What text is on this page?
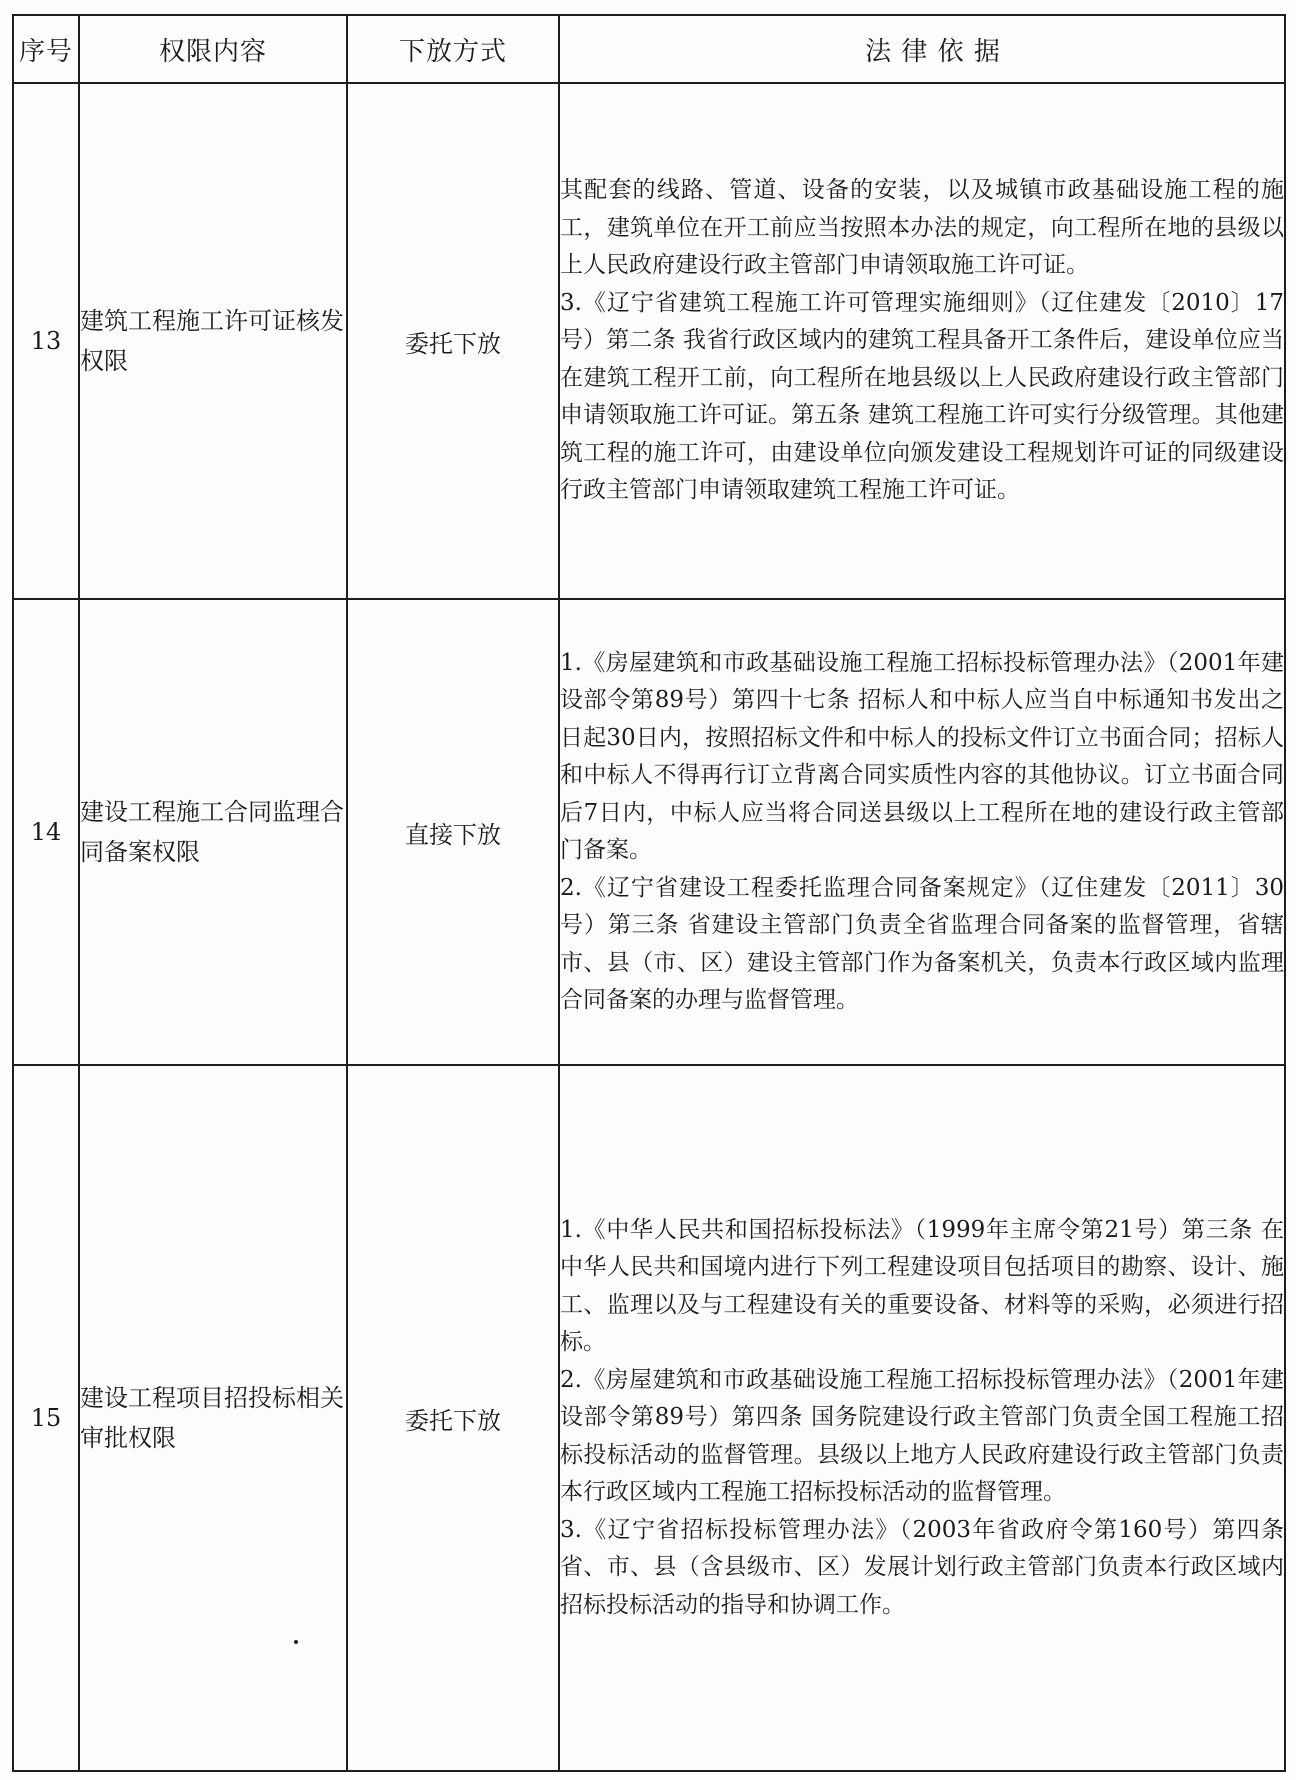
序号	权限内容	下放方式	法 律 依 据
13	建筑工程施工许可证核发权限	委托下放	其配套的线路、管道、设备的安装，以及城镇市政基础设施工程的施工，建筑单位在开工前应当按照本办法的规定，向工程所在地的县级以上人民政府建设行政主管部门申请领取施工许可证。
3.《辽宁省建筑工程施工许可管理实施细则》（辽住建发〔2010〕17号）第二条 我省行政区域内的建筑工程具备开工条件后，建设单位应当在建筑工程开工前，向工程所在地县级以上人民政府建设行政主管部门申请领取施工许可证。第五条 建筑工程施工许可实行分级管理。其他建筑工程的施工许可，由建设单位向颁发建设工程规划许可证的同级建设行政主管部门申请领取建筑工程施工许可证。

14	建设工程施工合同监理合同备案权限	直接下放	1.《房屋建筑和市政基础设施工程施工招标投标管理办法》（2001年建设部令第89号）第四十七条 招标人和中标人应当自中标通知书发出之日起30日内，按照招标文件和中标人的投标文件订立书面合同；招标人和中标人不得再行订立背离合同实质性内容的其他协议。订立书面合同后7日内，中标人应当将合同送县级以上工程所在地的建设行政主管部门备案。
2.《辽宁省建设工程委托监理合同备案规定》（辽住建发〔2011〕30号）第三条 省建设主管部门负责全省监理合同备案的监督管理，省辖市、县（市、区）建设主管部门作为备案机关，负责本行政区域内监理合同备案的办理与监督管理。

15	建设工程项目招投标相关审批权限	委托下放	1.《中华人民共和国招标投标法》（1999年主席令第21号）第三条 在中华人民共和国境内进行下列工程建设项目包括项目的勘察、设计、施工、监理以及与工程建设有关的重要设备、材料等的采购，必须进行招标。
2.《房屋建筑和市政基础设施工程施工招标投标管理办法》（2001年建设部令第89号）第四条 国务院建设行政主管部门负责全国工程施工招标投标活动的监督管理。县级以上地方人民政府建设行政主管部门负责本行政区域内工程施工招标投标活动的监督管理。
3.《辽宁省招标投标管理办法》（2003年省政府令第160号）第四条 省、市、县（含县级市、区）发展计划行政主管部门负责本行政区域内招标投标活动的指导和协调工作。
